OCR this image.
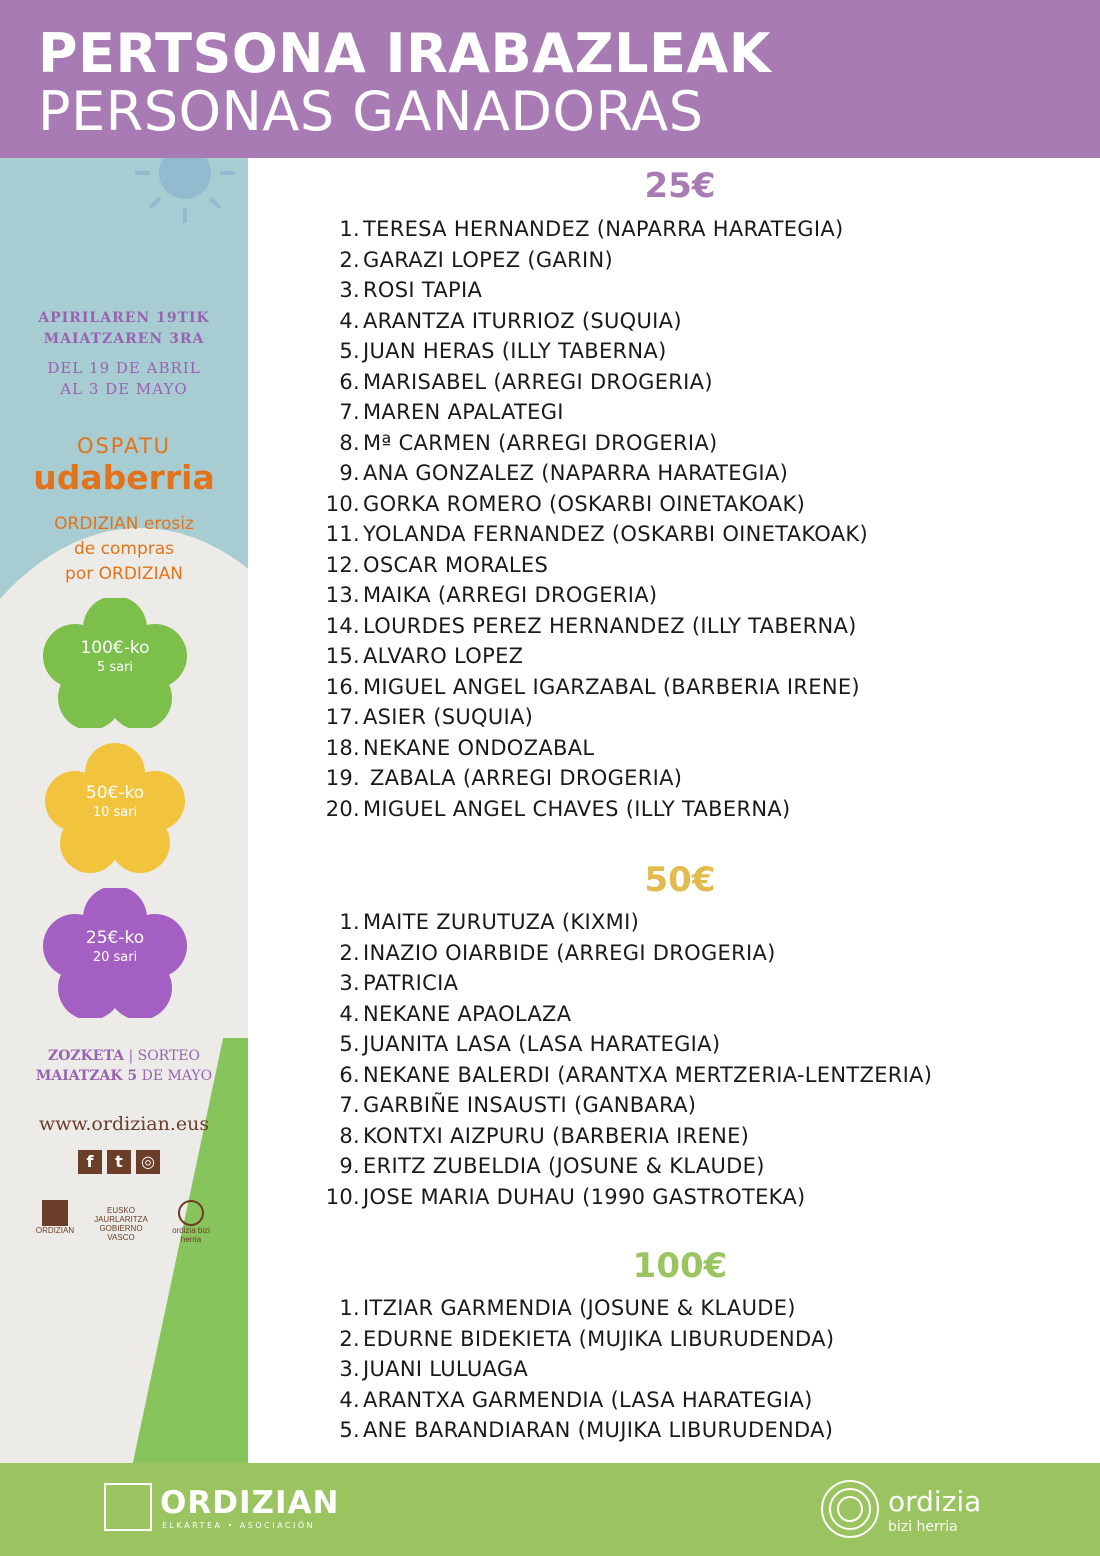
PERTSONA IRABAZLEAK
PERSONAS GANADORAS
APIRILAREN 19TIK
MAIATZAREN 3RA
DEL 19 DE ABRIL
AL 3 DE MAYO
OSPATU
udaberria
ORDIZIAN erosiz
de compras
por ORDIZIAN
100€-ko
5 sari
50€-ko
10 sari
25€-ko
20 sari
ZOZKETA | SORTEO
MAIATZAK 5 DE MAYO
www.ordizian.eus
f t ◎
ORDIZIAN
EUSKO JAURLARITZA GOBIERNO VASCO
ordizia bizi herria
25€
1. TERESA HERNANDEZ (NAPARRA HARATEGIA)
2. GARAZI LOPEZ (GARIN)
3. ROSI TAPIA
4. ARANTZA ITURRIOZ (SUQUIA)
5. JUAN HERAS (ILLY TABERNA)
6. MARISABEL (ARREGI DROGERIA)
7. MAREN APALATEGI
8. Mª CARMEN (ARREGI DROGERIA)
9. ANA GONZALEZ (NAPARRA HARATEGIA)
10. GORKA ROMERO (OSKARBI OINETAKOAK)
11. YOLANDA FERNANDEZ (OSKARBI OINETAKOAK)
12. OSCAR MORALES
13. MAIKA (ARREGI DROGERIA)
14. LOURDES PEREZ HERNANDEZ (ILLY TABERNA)
15. ALVARO LOPEZ
16. MIGUEL ANGEL IGARZABAL (BARBERIA IRENE)
17. ASIER (SUQUIA)
18. NEKANE ONDOZABAL
19. ZABALA (ARREGI DROGERIA)
20. MIGUEL ANGEL CHAVES (ILLY TABERNA)
50€
1. MAITE ZURUTUZA (KIXMI)
2. INAZIO OIARBIDE (ARREGI DROGERIA)
3. PATRICIA
4. NEKANE APAOLAZA
5. JUANITA LASA (LASA HARATEGIA)
6. NEKANE BALERDI (ARANTXA MERTZERIA-LENTZERIA)
7. GARBIÑE INSAUSTI (GANBARA)
8. KONTXI AIZPURU (BARBERIA IRENE)
9. ERITZ ZUBELDIA (JOSUNE & KLAUDE)
10. JOSE MARIA DUHAU (1990 GASTROTEKA)
100€
1. ITZIAR GARMENDIA (JOSUNE & KLAUDE)
2. EDURNE BIDEKIETA (MUJIKA LIBURUDENDA)
3. JUANI LULUAGA
4. ARANTXA GARMENDIA (LASA HARATEGIA)
5. ANE BARANDIARAN (MUJIKA LIBURUDENDA)
ORDIZIAN
ELKARTEA • ASOCIACIÓN
ordizia
bizi herria
